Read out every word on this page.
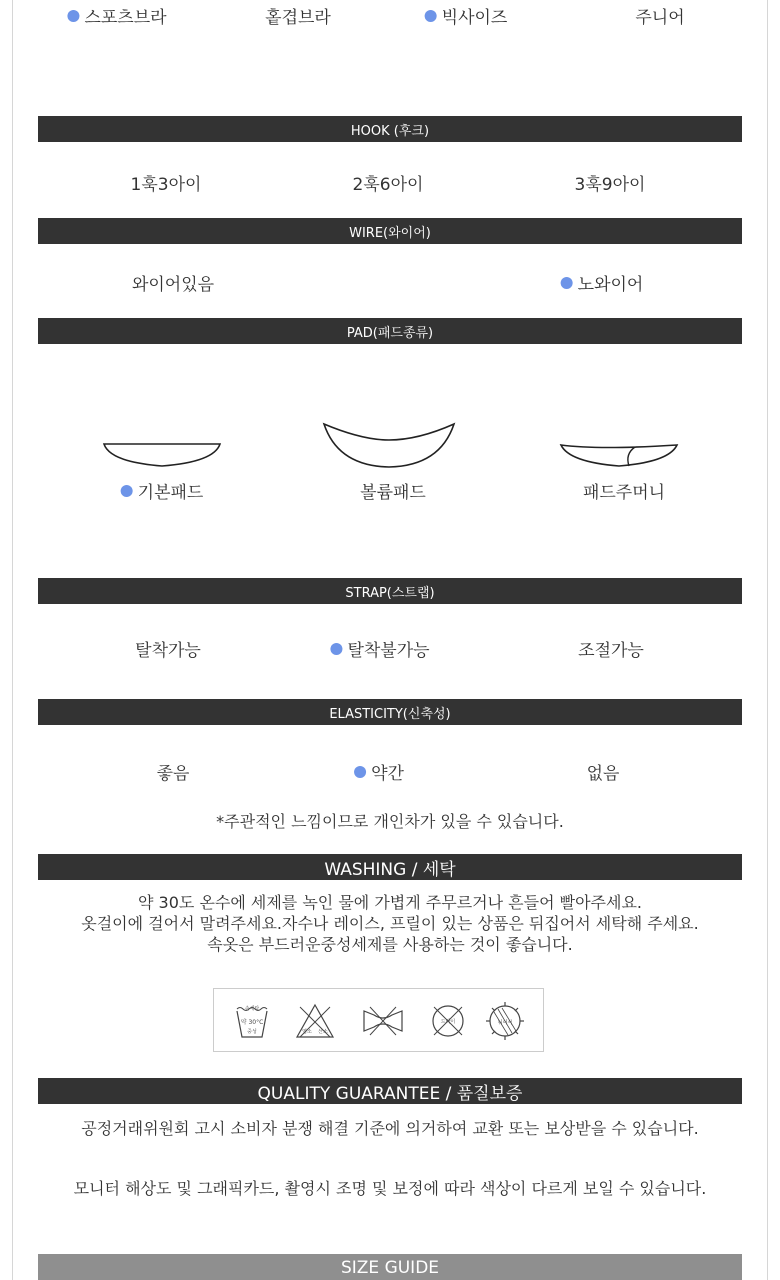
스포츠브라	홑겹브라	빅사이즈	주니어
HOOK (후크)
1훅3아이	2훅6아이	3훅9아이
WIRE(와이어)
와이어있음	노와이어
PAD(패드종류)
기본패드	볼륨패드	패드주머니
STRAP(스트랩)
탈착가능	탈착불가능	조절가능
ELASTICITY(신축성)
좋음	약간	없음
*주관적인 느낌이므로 개인차가 있을 수 있습니다.
WASHING / 세탁
약 30도 온수에 세제를 녹인 물에 가볍게 주무르거나 흔들어 빨아주세요.
옷걸이에 걸어서 말려주세요.자수나 레이스, 프릴이 있는 상품은 뒤집어서 세탁해 주세요.
속옷은 부드러운중성세제를 사용하는 것이 좋습니다.
손세탁
약 30°C
중성	염소 산소
드라이	뉘어서
QUALITY GUARANTEE / 품질보증
공정거래위원회 고시 소비자 분쟁 해결 기준에 의거하여 교환 또는 보상받을 수 있습니다.
모니터 해상도 및 그래픽카드, 촬영시 조명 및 보정에 따라 색상이 다르게 보일 수 있습니다.
SIZE GUIDE
